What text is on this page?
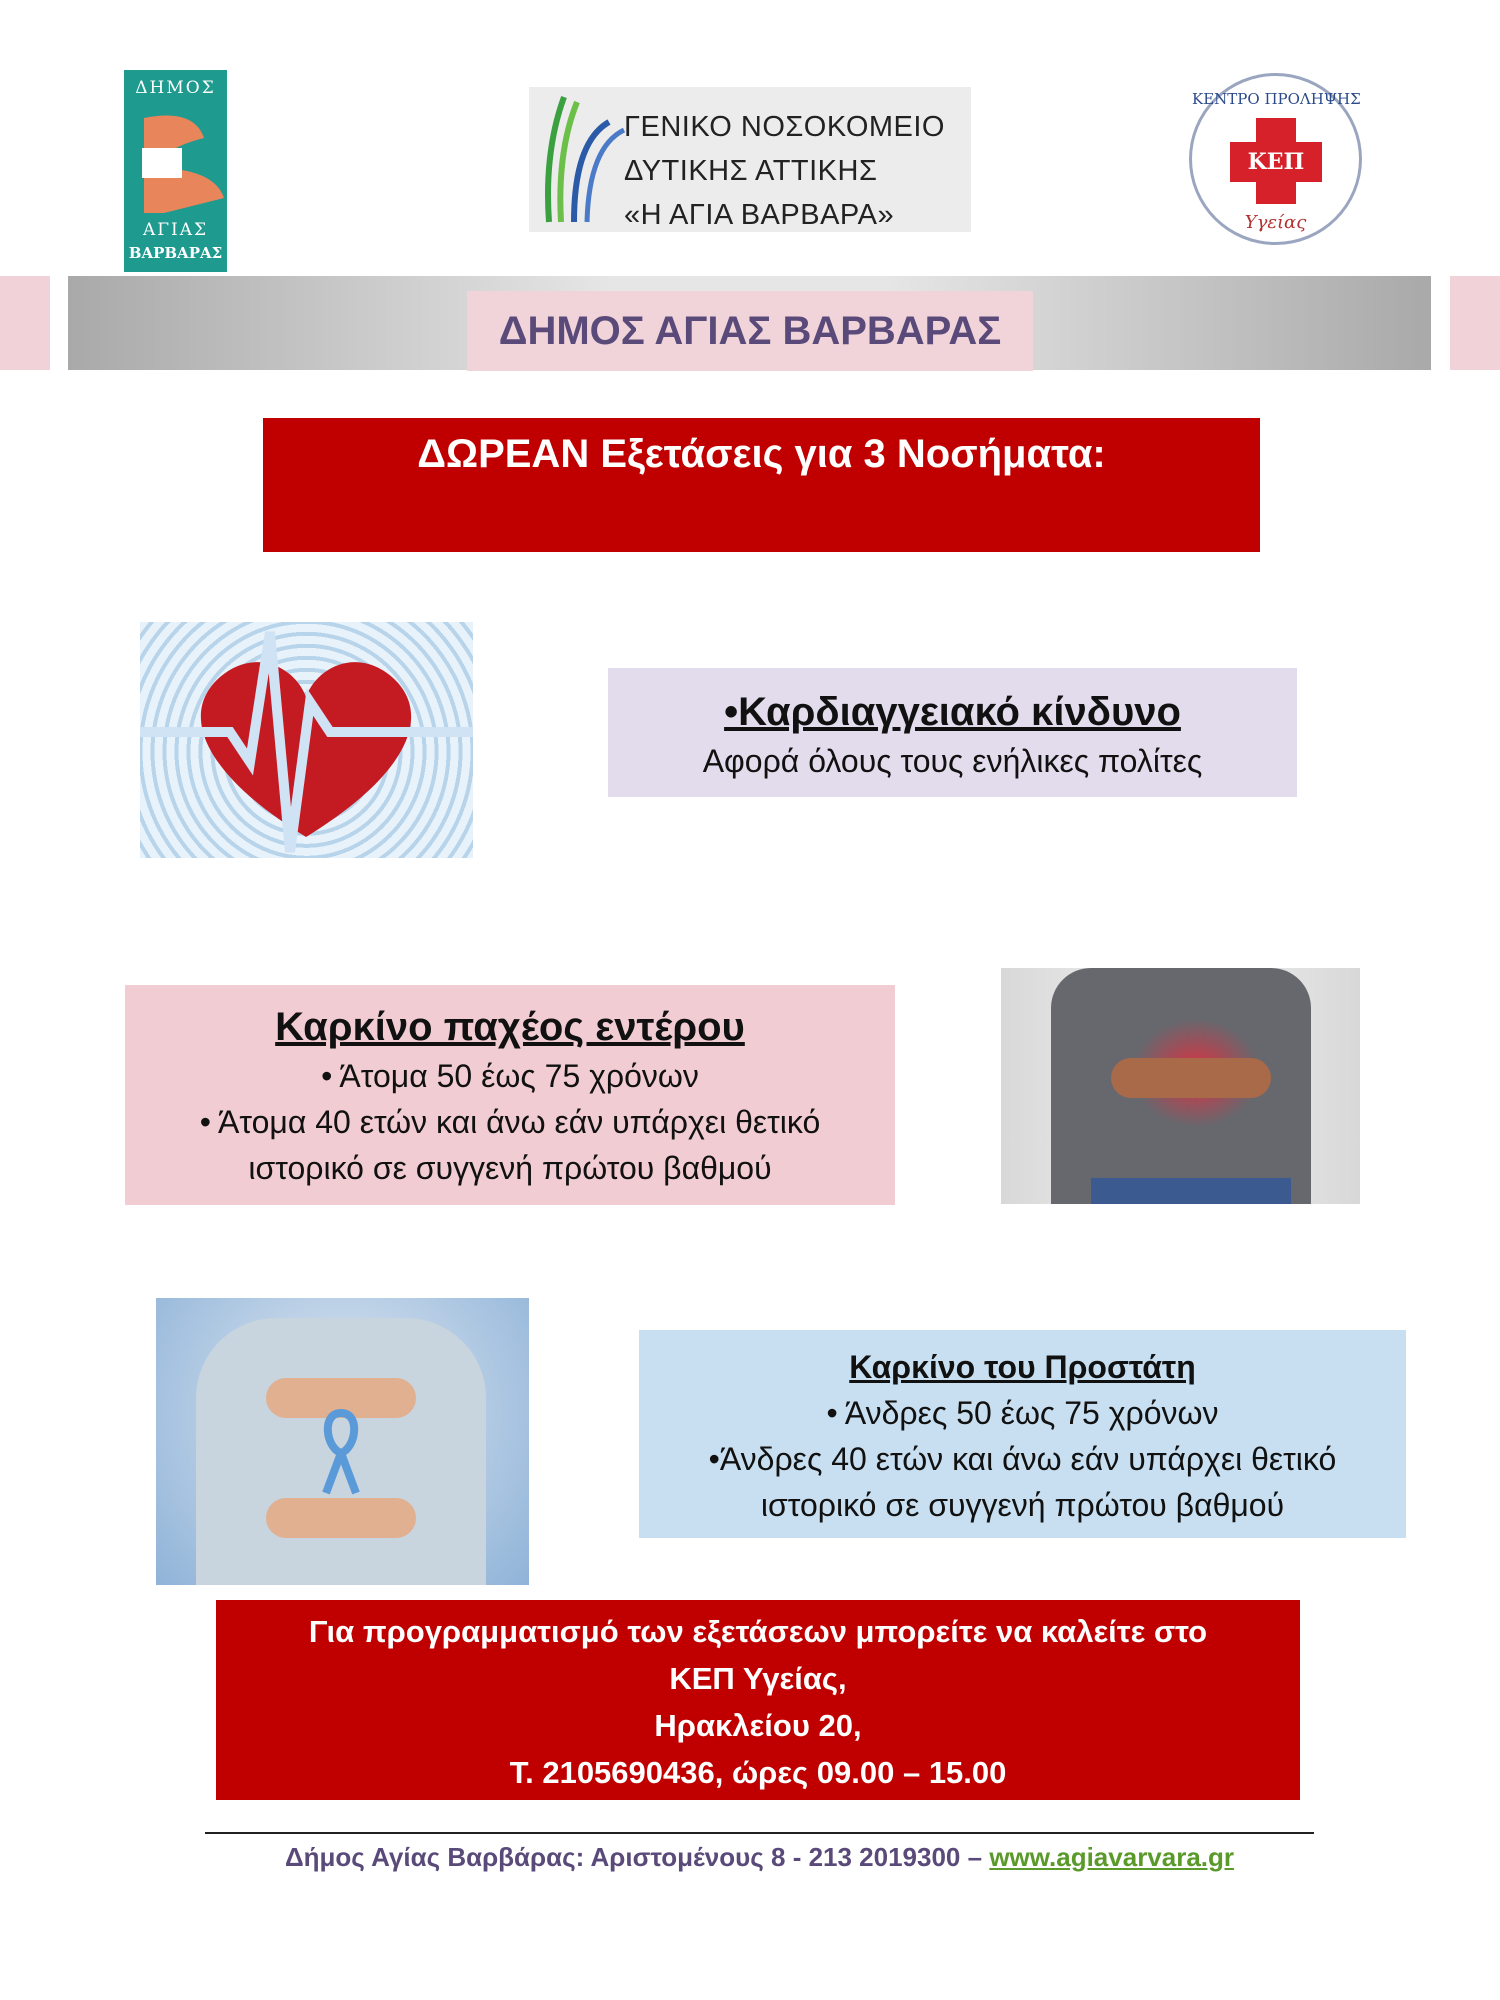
ΔΗΜΟΣ
ΑΓΙΑΣ
ΒΑΡΒΑΡΑΣ
ΓΕΝΙΚΟ ΝΟΣΟΚΟΜΕΙΟ
ΔΥΤΙΚΗΣ ΑΤΤΙΚΗΣ
«Η ΑΓΙΑ ΒΑΡΒΑΡΑ»
ΚΕΠ
ΚΕΝΤΡΟ ΠΡΟΛΗΨΗΣ
Υγείας
ΔΗΜΟΣ ΑΓΙΑΣ ΒΑΡΒΑΡΑΣ
ΔΩΡΕΑΝ Εξετάσεις για 3 Νοσήματα:
•Καρδιαγγειακό κίνδυνο
Αφορά όλους τους ενήλικες πολίτες
Καρκίνο παχέος εντέρου
• Άτομα 50 έως 75 χρόνων
• Άτομα 40 ετών και άνω εάν υπάρχει θετικό
ιστορικό σε συγγενή πρώτου βαθμού
Καρκίνο του Προστάτη
• Άνδρες 50 έως 75 χρόνων
•Άνδρες 40 ετών και άνω εάν υπάρχει θετικό
ιστορικό σε συγγενή πρώτου βαθμού
Για προγραμματισμό των εξετάσεων μπορείτε να καλείτε στο
ΚΕΠ Υγείας,
Ηρακλείου 20,
Τ. 2105690436, ώρες 09.00 – 15.00
Δήμος Αγίας Βαρβάρας: Αριστομένους 8 - 213 2019300 – www.agiavarvara.gr
